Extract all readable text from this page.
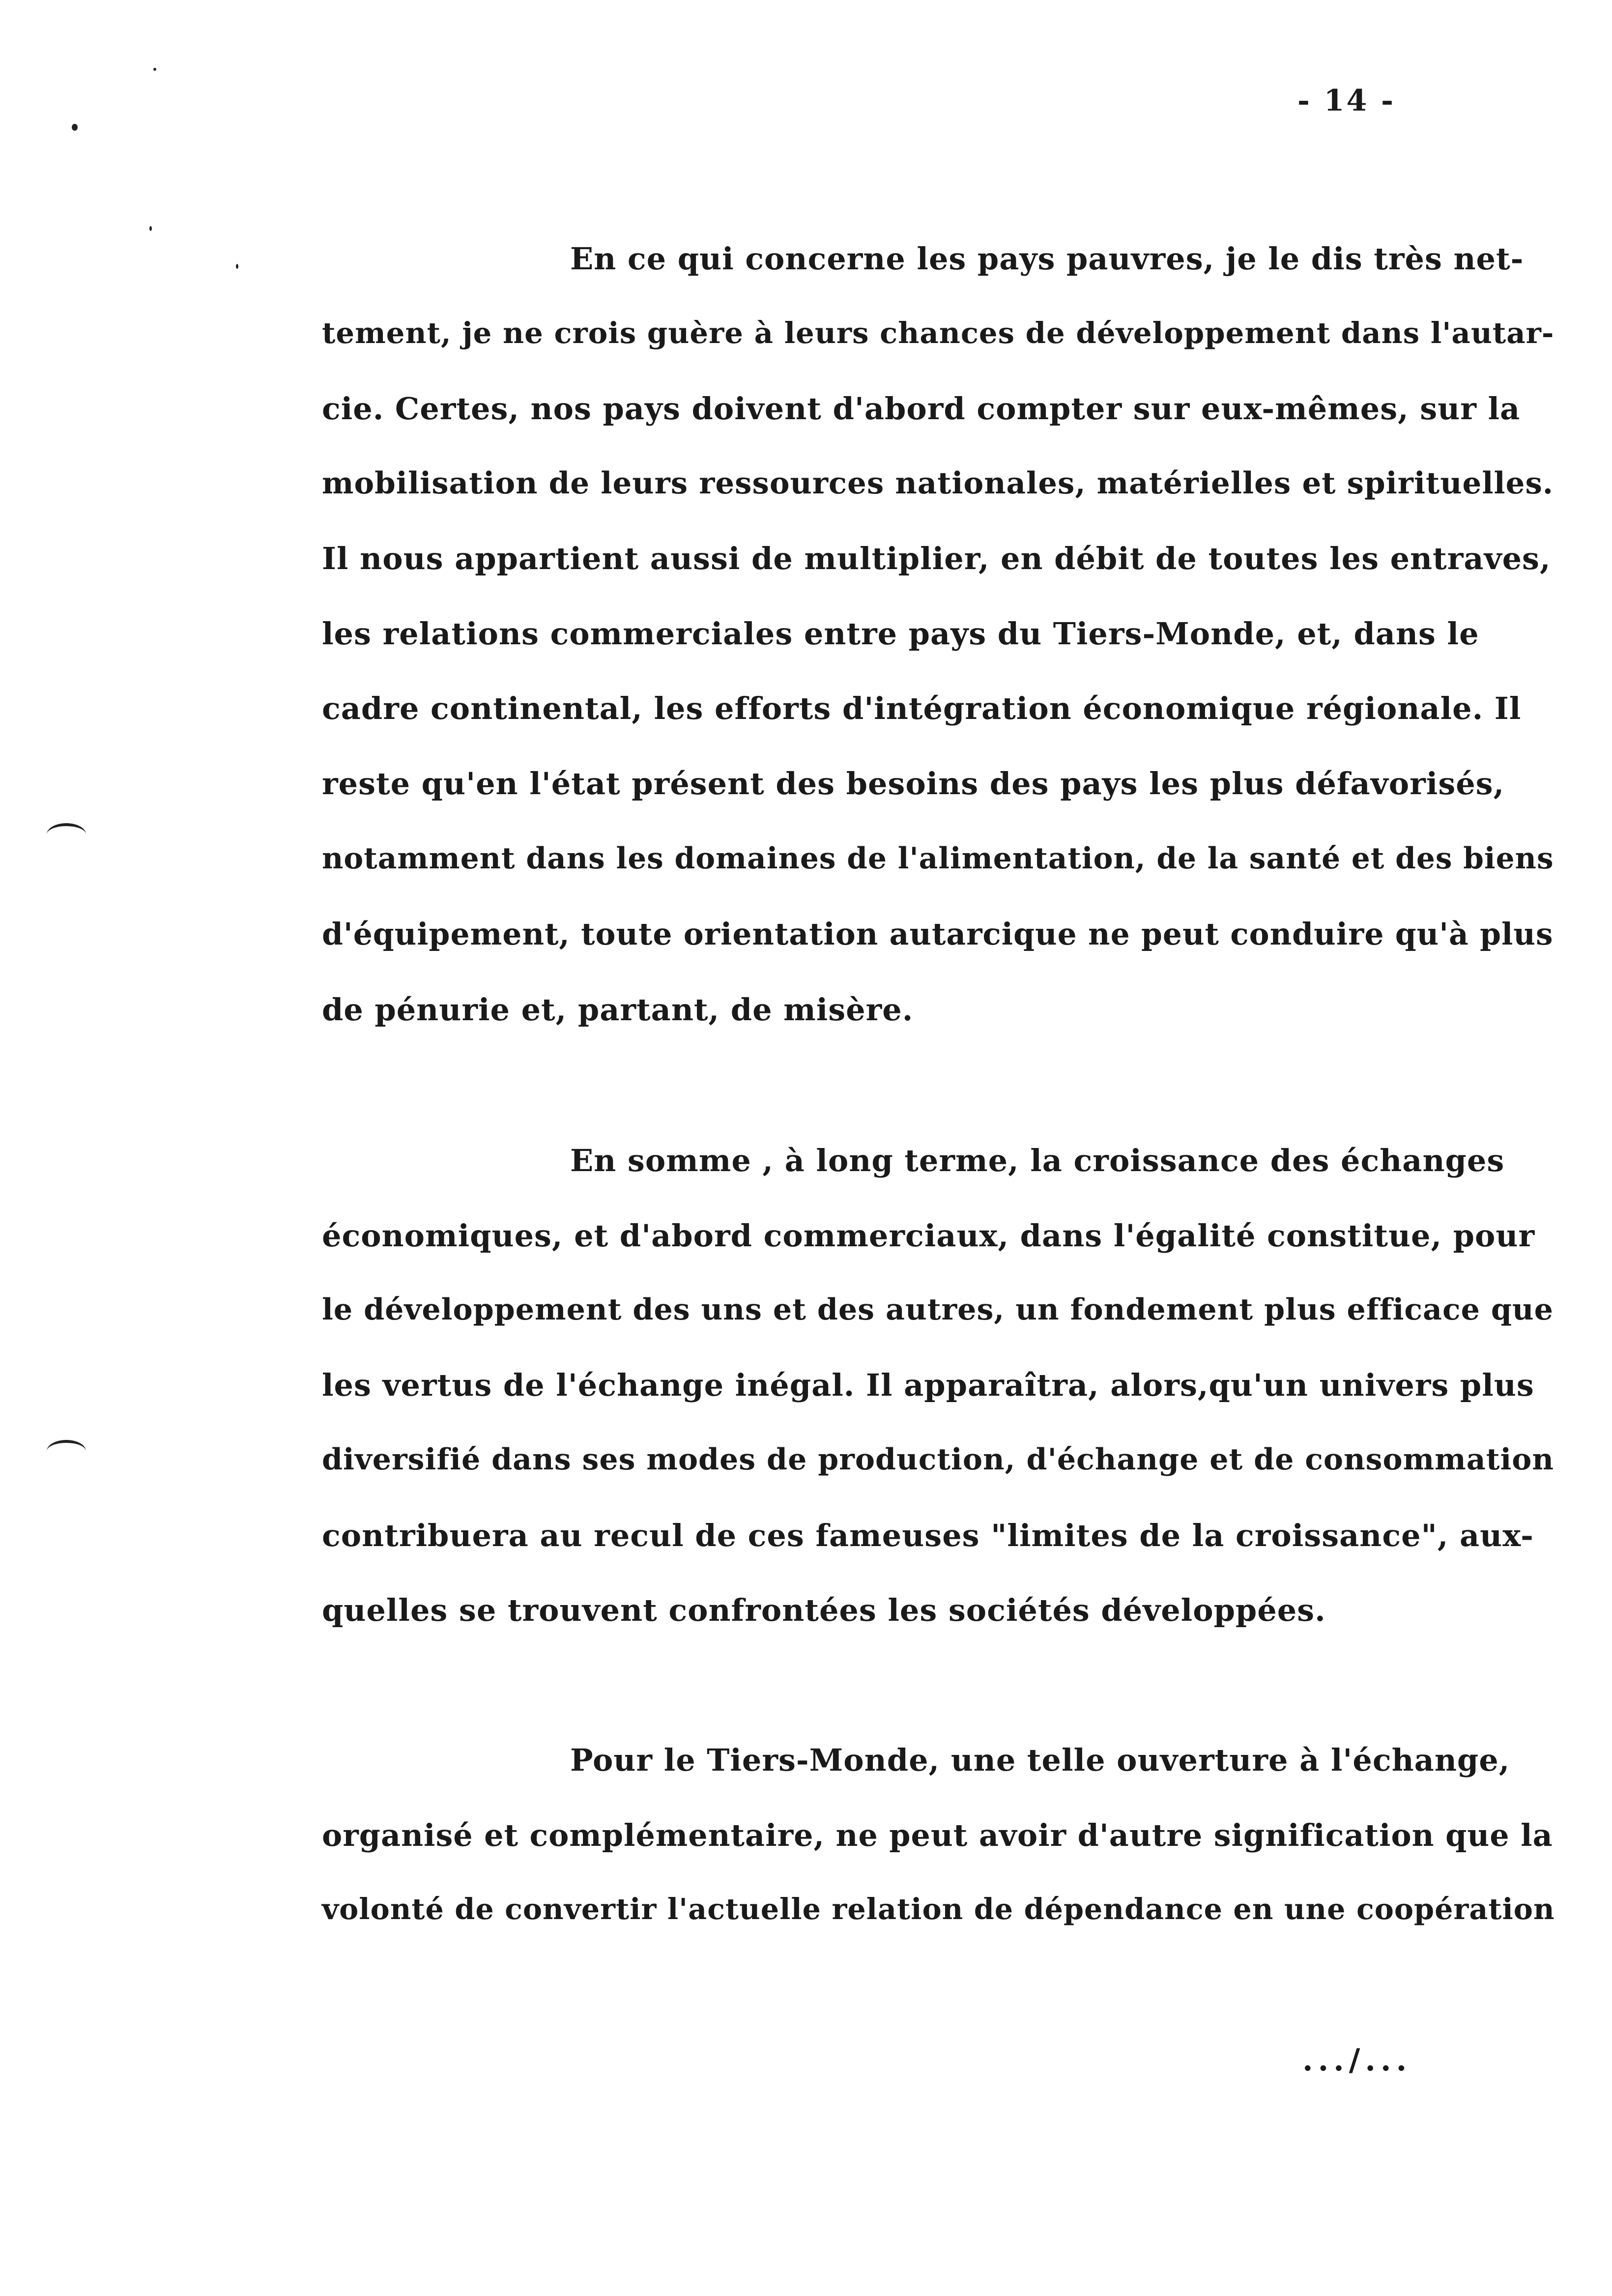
- 14 -
En ce qui concerne les pays pauvres, je le dis très net-
tement, je ne crois guère à leurs chances de développement dans l'autar-
cie. Certes, nos pays doivent d'abord compter sur eux-mêmes, sur la
mobilisation de leurs ressources nationales, matérielles et spirituelles.
Il nous appartient aussi de multiplier, en débit de toutes les entraves,
les relations commerciales entre pays du Tiers-Monde, et, dans le
cadre continental, les efforts d'intégration économique régionale. Il
reste qu'en l'état présent des besoins des pays les plus défavorisés,
notamment dans les domaines de l'alimentation, de la santé et des biens
d'équipement, toute orientation autarcique ne peut conduire qu'à plus
de pénurie et, partant, de misère.
En somme , à long terme, la croissance des échanges
économiques, et d'abord commerciaux, dans l'égalité constitue, pour
le développement des uns et des autres, un fondement plus efficace que
les vertus de l'échange inégal. Il apparaîtra, alors,qu'un univers plus
diversifié dans ses modes de production, d'échange et de consommation
contribuera au recul de ces fameuses "limites de la croissance", aux-
quelles se trouvent confrontées les sociétés développées.
Pour le Tiers-Monde, une telle ouverture à l'échange,
organisé et complémentaire, ne peut avoir d'autre signification que la
volonté de convertir l'actuelle relation de dépendance en une coopération
.../...
